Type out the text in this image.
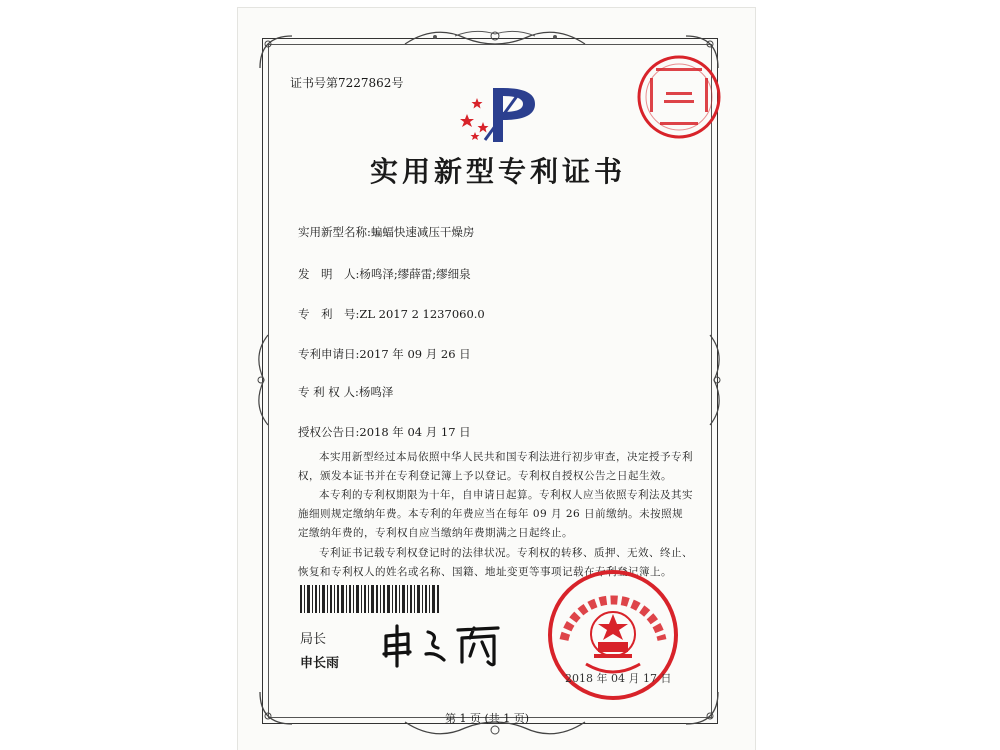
证书号第7227862号
实用新型专利证书
实用新型名称:蝙蝠快速减压干燥房
发　明　人:杨鸣泽;缪薛雷;缪细泉
专　利　号:ZL 2017 2 1237060.0
专利申请日:2017 年 09 月 26 日
专 利 权 人:杨鸣泽
授权公告日:2018 年 04 月 17 日
本实用新型经过本局依照中华人民共和国专利法进行初步审查，决定授予专利权，颁发本证书并在专利登记簿上予以登记。专利权自授权公告之日起生效。
本专利的专利权期限为十年，自申请日起算。专利权人应当依照专利法及其实施细则规定缴纳年费。本专利的年费应当在每年 09 月 26 日前缴纳。未按照规定缴纳年费的，专利权自应当缴纳年费期满之日起终止。
专利证书记载专利权登记时的法律状况。专利权的转移、质押、无效、终止、恢复和专利权人的姓名或名称、国籍、地址变更等事项记载在专利登记簿上。
局长
申长雨
2018 年 04 月 17 日
第 1 页 (共 1 页)
